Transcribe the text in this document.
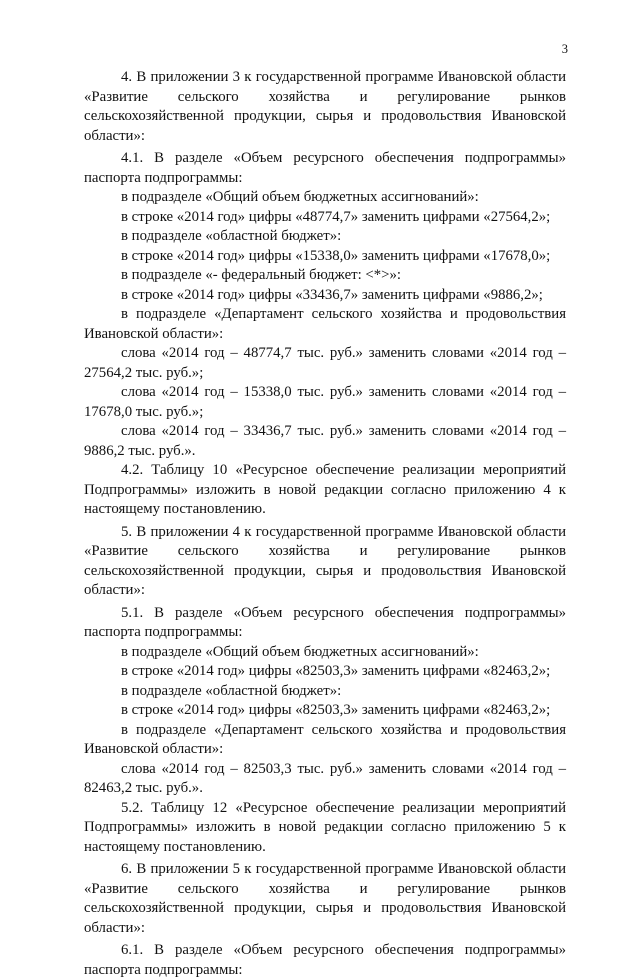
3

4. В приложении 3 к государственной программе Ивановской области «Развитие сельского хозяйства и регулирование рынков сельскохозяйственной продукции, сырья и продовольствия Ивановской области»:

4.1. В разделе «Объем ресурсного обеспечения подпрограммы» паспорта подпрограммы:

в подразделе «Общий объем бюджетных ассигнований»:

в строке «2014 год» цифры «48774,7» заменить цифрами «27564,2»;

в подразделе «областной бюджет»:

в строке «2014 год» цифры «15338,0» заменить цифрами «17678,0»;

в подразделе «- федеральный бюджет: <*>»:

в строке «2014 год» цифры «33436,7» заменить цифрами «9886,2»;

в подразделе «Департамент сельского хозяйства и продовольствия Ивановской области»:

слова «2014 год – 48774,7 тыс. руб.» заменить словами «2014 год – 27564,2 тыс. руб.»;

слова «2014 год – 15338,0 тыс. руб.» заменить словами «2014 год – 17678,0 тыс. руб.»;

слова «2014 год – 33436,7 тыс. руб.» заменить словами «2014 год – 9886,2 тыс. руб.».

4.2. Таблицу 10 «Ресурсное обеспечение реализации мероприятий Подпрограммы» изложить в новой редакции согласно приложению 4 к настоящему постановлению.

5. В приложении 4 к государственной программе Ивановской области «Развитие сельского хозяйства и регулирование рынков сельскохозяйственной продукции, сырья и продовольствия Ивановской области»:

5.1. В разделе «Объем ресурсного обеспечения подпрограммы» паспорта подпрограммы:

в подразделе «Общий объем бюджетных ассигнований»:

в строке «2014 год» цифры «82503,3» заменить цифрами «82463,2»;

в подразделе «областной бюджет»:

в строке «2014 год» цифры «82503,3» заменить цифрами «82463,2»;

в подразделе «Департамент сельского хозяйства и продовольствия Ивановской области»:

слова «2014 год – 82503,3 тыс. руб.» заменить словами «2014 год – 82463,2 тыс. руб.».

5.2. Таблицу 12 «Ресурсное обеспечение реализации мероприятий Подпрограммы» изложить в новой редакции согласно приложению 5 к настоящему постановлению.

6. В приложении 5 к государственной программе Ивановской области «Развитие сельского хозяйства и регулирование рынков сельскохозяйственной продукции, сырья и продовольствия Ивановской области»:

6.1. В разделе «Объем ресурсного обеспечения подпрограммы» паспорта подпрограммы:
